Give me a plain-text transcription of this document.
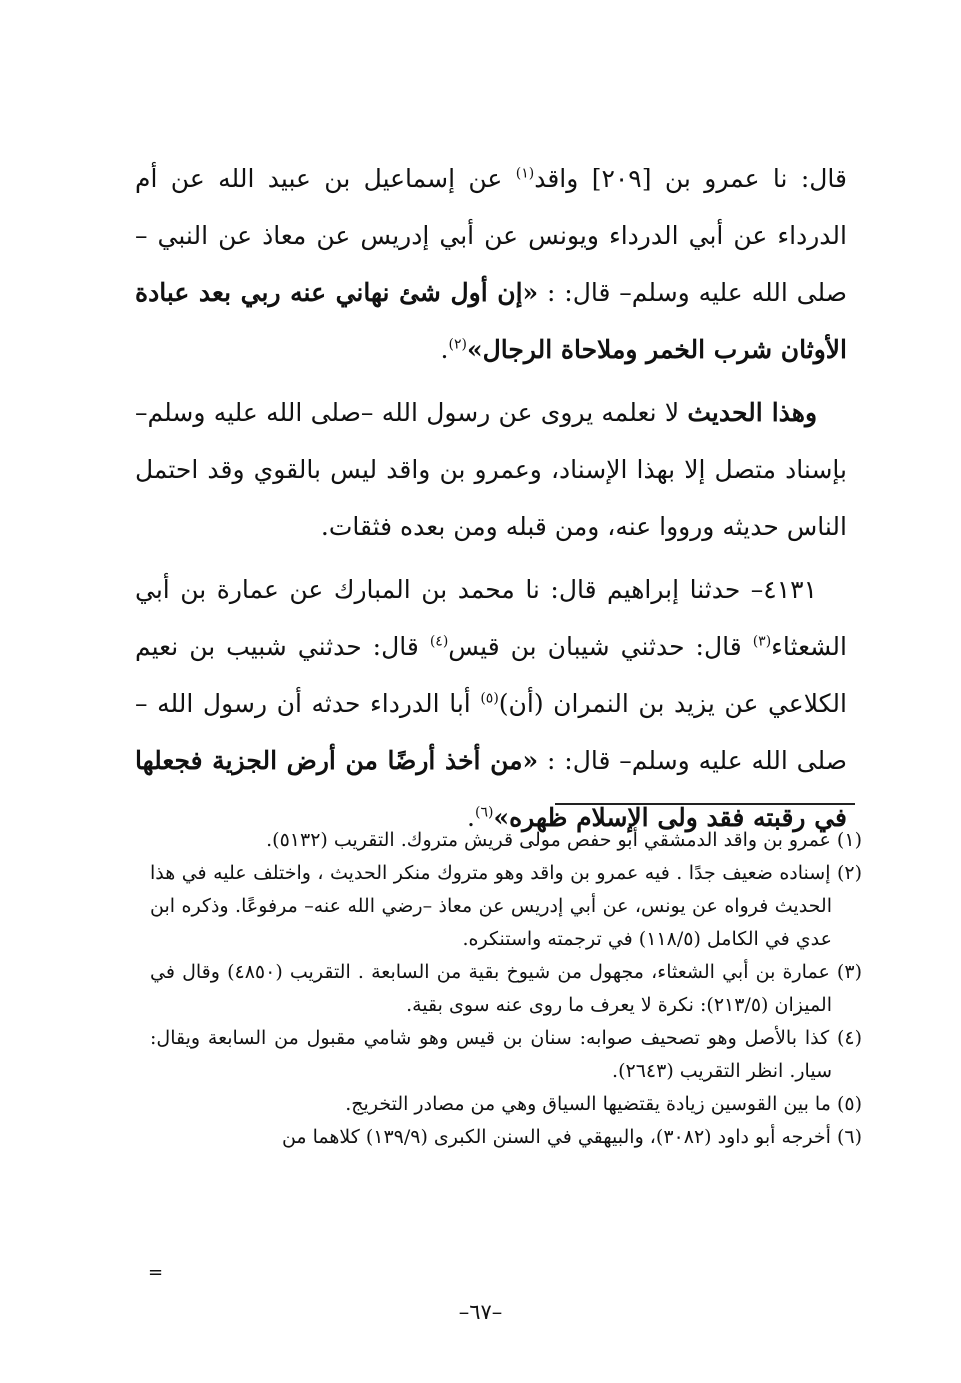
قال: نا عمرو بن [٢٠٩] واقد$^{(١)}$ عن إسماعيل بن عبيد الله عن أم الدرداء عن أبي الدرداء ويونس عن أبي إدريس عن معاذ عن النبي –صلى الله عليه وسلم– قال: : «إن أول شئ نهاني عنه ربي بعد عبادة الأوثان شرب الخمر وملاحاة الرجال»$^{(٢)}$.

وهذا الحديث لا نعلمه يروى عن رسول الله –صلى الله عليه وسلم– بإسناد متصل إلا بهذا الإسناد، وعمرو بن واقد ليس بالقوي وقد احتمل الناس حديثه ورووا عنه، ومن قبله ومن بعده فثقات.

٤١٣١– حدثنا إبراهيم قال: نا محمد بن المبارك عن عمارة بن أبي الشعثاء$^{(٣)}$ قال: حدثني شيبان بن قيس$^{(٤)}$ قال: حدثني شبيب بن نعيم الكلاعي عن يزيد بن النمران (أن)$^{(٥)}$ أبا الدرداء حدثه أن رسول الله –صلى الله عليه وسلم– قال: : «من أخذ أرضًا من أرض الجزية فجعلها في رقبته فقد ولى الإسلام ظهره»$^{(٦)}$.

(١) عمرو بن واقد الدمشقي أبو حفص مولى قريش متروك. التقريب (٥١٣٢).
(٢) إسناده ضعيف جدًا . فيه عمرو بن واقد وهو متروك منكر الحديث ، واختلف عليه في هذا الحديث فرواه عن يونس، عن أبي إدريس عن معاذ –رضي الله عنه– مرفوعًا. وذكره ابن عدي في الكامل (١١٨/٥) في ترجمته واستنكره.
(٣) عمارة بن أبي الشعثاء، مجهول من شيوخ بقية من السابعة . التقريب (٤٨٥٠) وقال في الميزان (٢١٣/٥): نكرة لا يعرف ما روى عنه سوى بقية.
(٤) كذا بالأصل وهو تصحيف صوابه: سنان بن قيس وهو شامي مقبول من السابعة ويقال: سيار. انظر التقريب (٢٦٤٣).
(٥) ما بين القوسين زيادة يقتضيها السياق وهي من مصادر التخريج.
(٦) أخرجه أبو داود (٣٠٨٢)، والبيهقي في السنن الكبرى (١٣٩/٩) كلاهما من
=
–٦٧–
